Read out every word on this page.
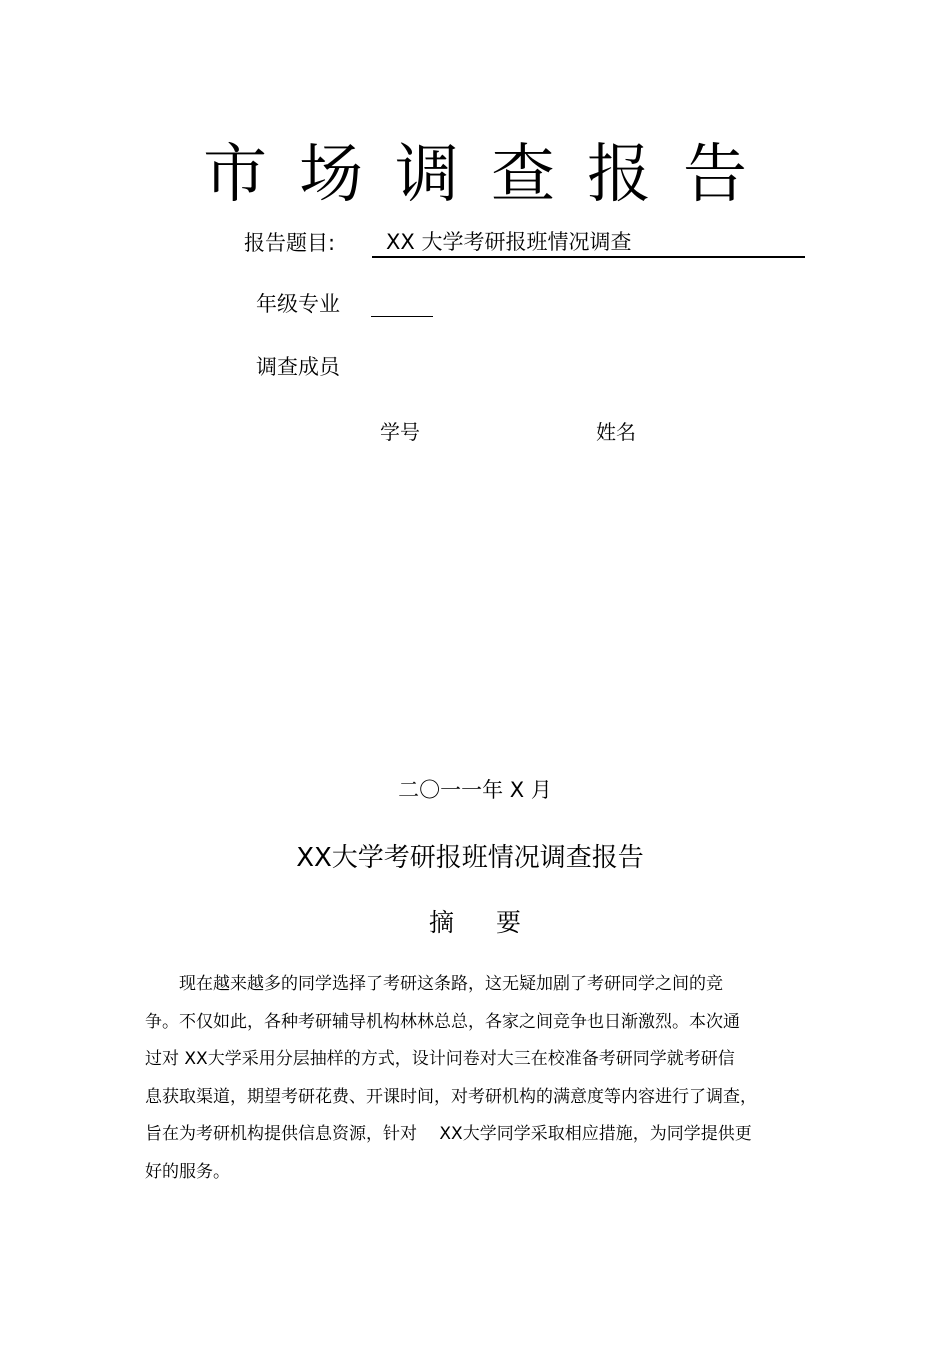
市场调查报告
报告题目:	XX 大学考研报班情况调查
年级专业
调查成员
学号	姓名
二〇一一年 X 月
XX大学考研报班情况调查报告
摘要
　　现在越来越多的同学选择了考研这条路，这无疑加剧了考研同学之间的竞
争。不仅如此，各种考研辅导机构林林总总，各家之间竞争也日渐激烈。本次通
过对 XX大学采用分层抽样的方式，设计问卷对大三在校准备考研同学就考研信
息获取渠道，期望考研花费、开课时间，对考研机构的满意度等内容进行了调查，
旨在为考研机构提供信息资源，针对　 XX大学同学采取相应措施，为同学提供更
好的服务。
